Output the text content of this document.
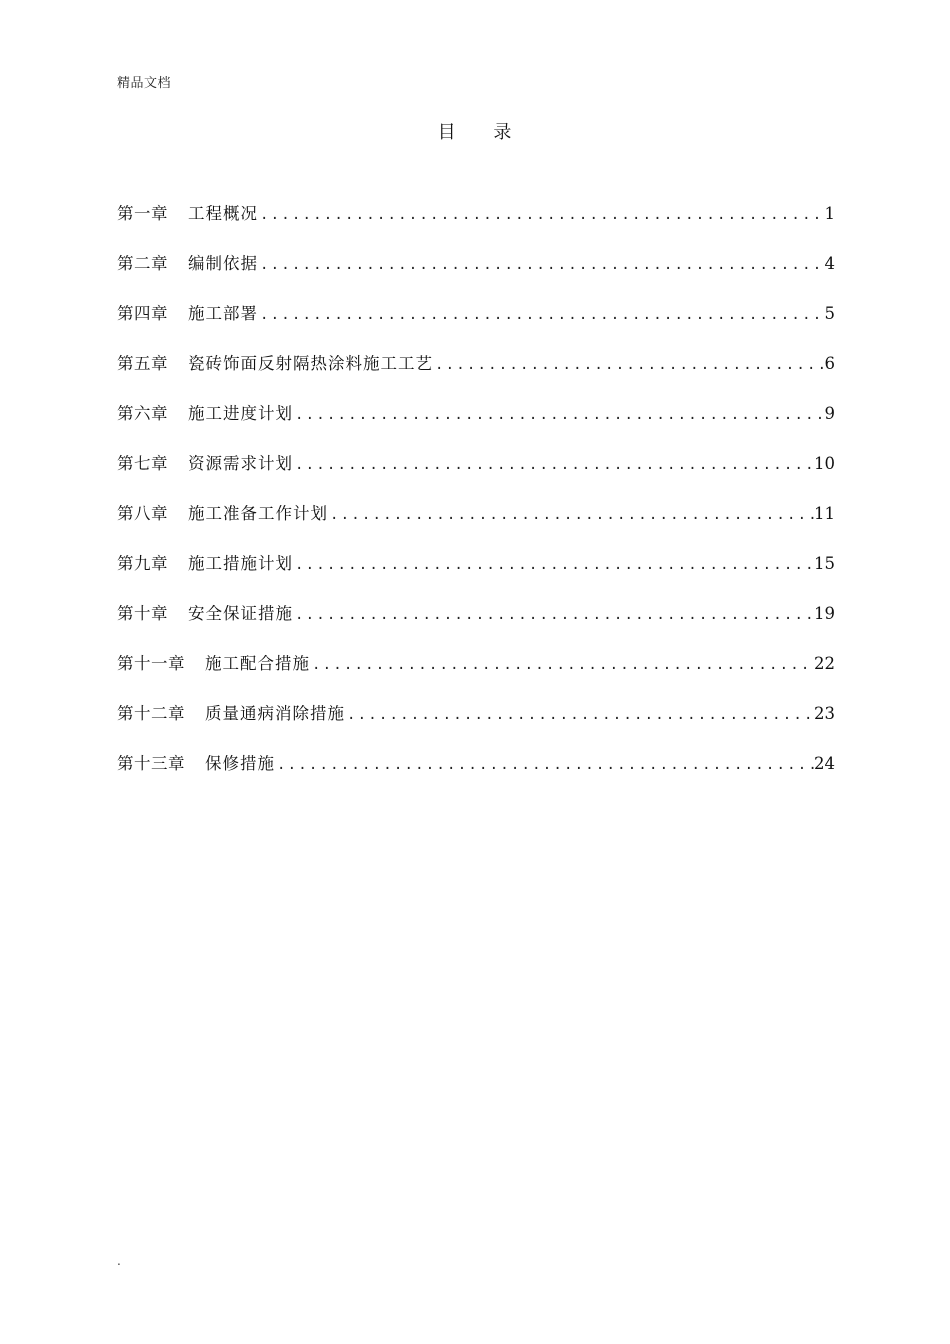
精品文档
目 录
第一章 工程概况 .....	1
第二章 编制依据 .....	4
第四章 施工部署 .....	5
第五章 瓷砖饰面反射隔热涂料施工工艺 .....	6
第六章 施工进度计划 .....	9
第七章 资源需求计划 .....	10
第八章 施工准备工作计划 .....	11
第九章 施工措施计划 .....	15
第十章 安全保证措施 .....	19
第十一章 施工配合措施 .....	22
第十二章 质量通病消除措施 .....	23
第十三章 保修措施 .....	24
.
